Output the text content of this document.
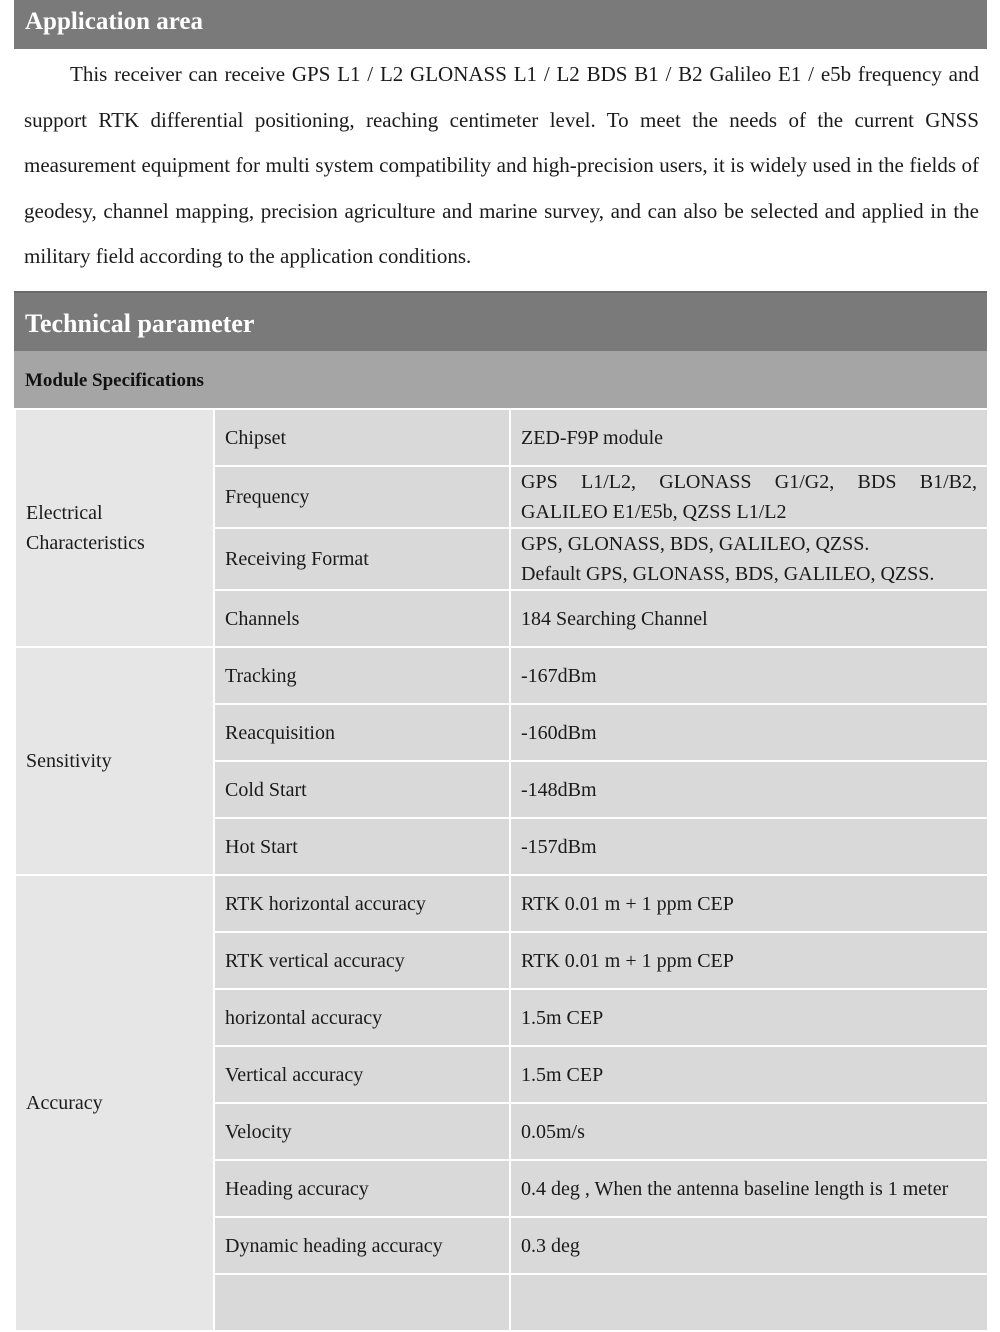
Application area

This receiver can receive GPS L1 / L2 GLONASS L1 / L2 BDS B1 / B2 Galileo E1 / e5b frequency and support RTK differential positioning, reaching centimeter level. To meet the needs of the current GNSS measurement equipment for multi system compatibility and high-precision users, it is widely used in the fields of geodesy, channel mapping, precision agriculture and marine survey, and can also be selected and applied in the military field according to the application conditions.

Technical parameter
Module Specifications
Electrical
Characteristics	Chipset	ZED-F9P module
	Frequency	GPS L1/L2, GLONASS G1/G2, BDS B1/B2, GALILEO E1/E5b, QZSS L1/L2
	Receiving Format	GPS, GLONASS, BDS, GALILEO, QZSS.
Default GPS, GLONASS, BDS, GALILEO, QZSS.
	Channels	184 Searching Channel
Sensitivity	Tracking	-167dBm
	Reacquisition	-160dBm
	Cold Start	-148dBm
	Hot Start	-157dBm
Accuracy	RTK horizontal accuracy	RTK 0.01 m + 1 ppm CEP
	RTK vertical accuracy	RTK 0.01 m + 1 ppm CEP
	horizontal accuracy	1.5m CEP
	Vertical accuracy	1.5m CEP
	Velocity	0.05m/s
	Heading accuracy	0.4 deg , When the antenna baseline length is 1 meter
	Dynamic heading accuracy	0.3 deg
